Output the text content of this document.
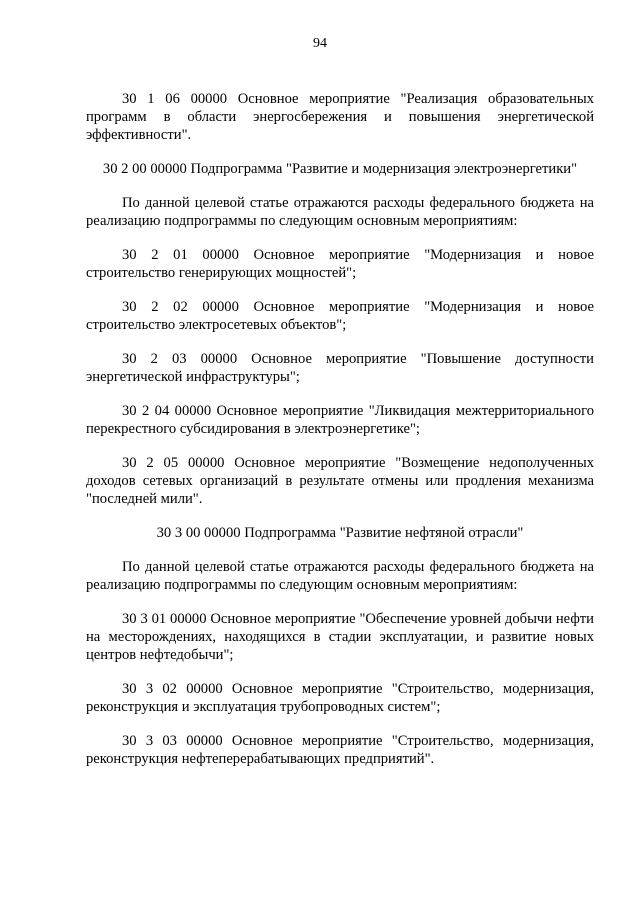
94

30 1 06 00000 Основное мероприятие "Реализация образовательных программ в области энергосбережения и повышения энергетической эффективности".

30 2 00 00000 Подпрограмма "Развитие и модернизация электроэнергетики"

По данной целевой статье отражаются расходы федерального бюджета на реализацию подпрограммы по следующим основным мероприятиям:

30 2 01 00000 Основное мероприятие "Модернизация и новое строительство генерирующих мощностей";

30 2 02 00000 Основное мероприятие "Модернизация и новое строительство электросетевых объектов";

30 2 03 00000 Основное мероприятие "Повышение доступности энергетической инфраструктуры";

30 2 04 00000 Основное мероприятие "Ликвидация межтерриториального перекрестного субсидирования в электроэнергетике";

30 2 05 00000 Основное мероприятие "Возмещение недополученных доходов сетевых организаций в результате отмены или продления механизма "последней мили".

30 3 00 00000 Подпрограмма "Развитие нефтяной отрасли"

По данной целевой статье отражаются расходы федерального бюджета на реализацию подпрограммы по следующим основным мероприятиям:

30 3 01 00000 Основное мероприятие "Обеспечение уровней добычи нефти на месторождениях, находящихся в стадии эксплуатации, и развитие новых центров нефтедобычи";

30 3 02 00000 Основное мероприятие "Строительство, модернизация, реконструкция и эксплуатация трубопроводных систем";

30 3 03 00000 Основное мероприятие "Строительство, модернизация, реконструкция нефтеперерабатывающих предприятий".
